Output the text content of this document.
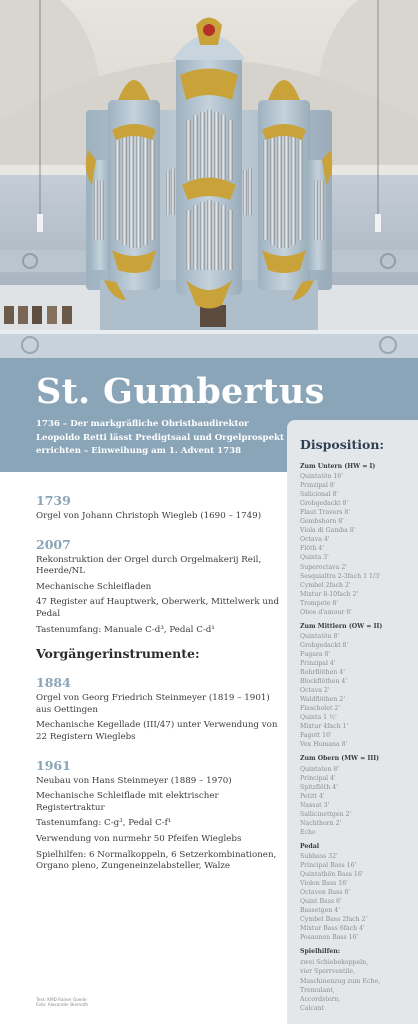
St. Gumbertus

1736 – Der markgräfliche Obristbaudirektor Leopoldo Retti lässt Predigtsaal und Orgelprospekt errichten – Einweihung am 1. Advent 1738	Disposition:
Zum Untern (HW = I)
Quintatön 16'
Prinzipal 8'
Salicional 8'
Grobgedackt 8'
Flaut Travers 8'
Gembshorn 8'
Viola di Gamba 8'
Octava 4'
Flöth 4'
Quinta 3'
Superoctava 2'
Sesquialtra 2-3fach 1 1/3'
Cymbel 2fach 2'
Mixtur 8-10fach 2'
Trompete 8'
Oboe d'amour 8'
Zum Mittlern (OW = II)
Quintatön 8'
Grobgedackt 8'
Fugara 8'
Prinzipal 4'
Rohrflöthen 4'
Blockflöthen 4'
Octava 2'
Waldflöthen 2'
Flascholet 2'
Quinta 1 ½'
Mixtur 4fach 1'
Fagott 16'
Vox Humana 8'
Zum Obern (MW = III)
Quintaten 8'
Principal 4'
Spitzflöth 4'
Petitt 4'
Nassat 3'
Sallicinettgen 2'
Nachthorn 2'
Echo
Pedal
Subbass 32'
Principal Bass 16'
Quintathön Bass 16'
Violon Bass 16'
Octaven Bass 8'
Quint Bass 6'
Bassetgen 4'
Cymbel Bass 2fach 2'
Mixtur Bass 6fach 4'
Posaunen Bass 16'
Spielhilfen:
zwei Schiebekoppeln,
vier Sperrventile,
Maschinenzug zum Echo,
Tremulant,
Accordstern,
Calcant

1739

Orgel von Johann Christoph Wiegleb (1690 – 1749)

2007

Rekonstruktion der Orgel durch Orgelmakerij Reil, Heerde/NL

Mechanische Schleifladen

47 Register auf Hauptwerk, Oberwerk, Mittelwerk und Pedal

Tastenumfang: Manuale C-d³, Pedal C-d¹

Vorgängerinstrumente:

1884

Orgel von Georg Friedrich Steinmeyer (1819 – 1901) aus Oettingen

Mechanische Kegellade (III/47) unter Verwendung von 22 Registern Wieglebs

1961

Neubau von Hans Steinmeyer (1889 – 1970)

Mechanische Schleiflade mit elektrischer Registertraktur

Tastenumfang: C-g³, Pedal C-f¹

Verwendung von nurmehr 50 Pfeifen Wieglebs

Spielhilfen: 6 Normalkoppeln, 6 Setzerkombinationen, Organo pleno, Zungeneinzelabsteller, Walze

Text: KMD Rainer Goede
Foto: Alexander Biernoth
